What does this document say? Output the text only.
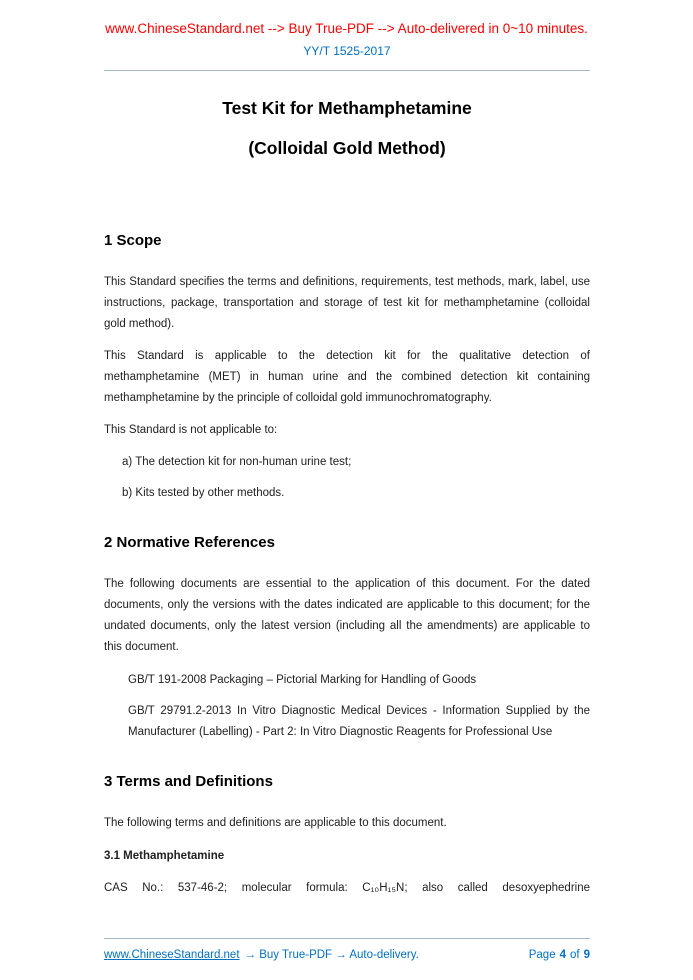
www.ChineseStandard.net --> Buy True-PDF --> Auto-delivered in 0~10 minutes.
YY/T 1525-2017
Test Kit for Methamphetamine
(Colloidal Gold Method)
1 Scope

This Standard specifies the terms and definitions, requirements, test methods, mark, label, use instructions, package, transportation and storage of test kit for methamphetamine (colloidal gold method).

This Standard is applicable to the detection kit for the qualitative detection of methamphetamine (MET) in human urine and the combined detection kit containing methamphetamine by the principle of colloidal gold immunochromatography.

This Standard is not applicable to:

a) The detection kit for non-human urine test;

b) Kits tested by other methods.

2 Normative References

The following documents are essential to the application of this document. For the dated documents, only the versions with the dates indicated are applicable to this document; for the undated documents, only the latest version (including all the amendments) are applicable to this document.

GB/T 191-2008 Packaging – Pictorial Marking for Handling of Goods

GB/T 29791.2-2013 In Vitro Diagnostic Medical Devices - Information Supplied by the Manufacturer (Labelling) - Part 2: In Vitro Diagnostic Reagents for Professional Use

3 Terms and Definitions

The following terms and definitions are applicable to this document.

3.1 Methamphetamine

CAS No.: 537-46-2; molecular formula: C₁₀H₁₅N; also called desoxyephedrine

www.ChineseStandard.net → Buy True-PDF → Auto-delivery.	Page 4 of 9
